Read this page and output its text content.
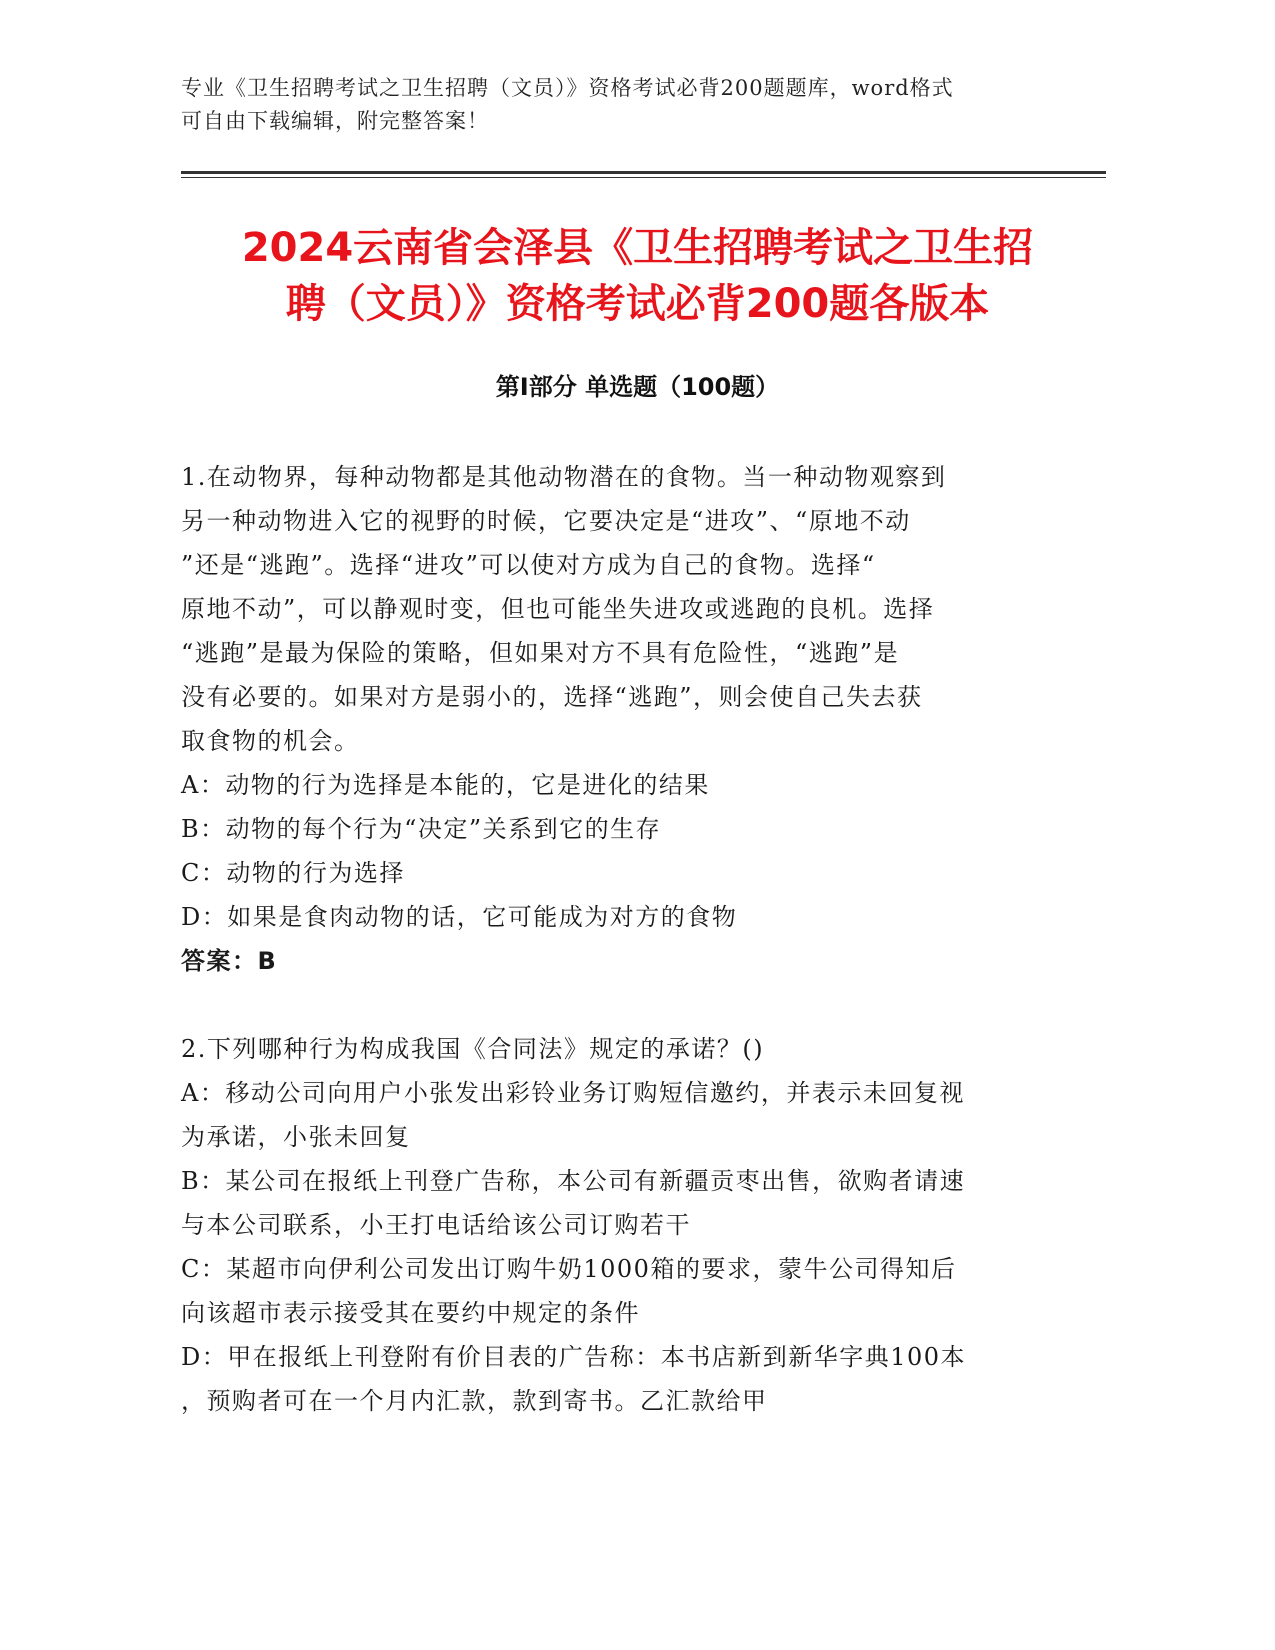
专业《卫生招聘考试之卫生招聘（文员）》资格考试必背200题题库，word格式
可自由下载编辑，附完整答案！
2024云南省会泽县《卫生招聘考试之卫生招
聘（文员）》资格考试必背200题各版本
第Ⅰ部分 单选题（100题）

1.在动物界，每种动物都是其他动物潜在的食物。当一种动物观察到

另一种动物进入它的视野的时候，它要决定是“进攻”、“原地不动

”还是“逃跑”。选择“进攻”可以使对方成为自己的食物。选择“

原地不动”，可以静观时变，但也可能坐失进攻或逃跑的良机。选择

“逃跑”是最为保险的策略，但如果对方不具有危险性，“逃跑”是

没有必要的。如果对方是弱小的，选择“逃跑”，则会使自己失去获

取食物的机会。

A：动物的行为选择是本能的，它是进化的结果

B：动物的每个行为“决定”关系到它的生存

C：动物的行为选择

D：如果是食肉动物的话，它可能成为对方的食物

答案：B

2.下列哪种行为构成我国《合同法》规定的承诺？()

A：移动公司向用户小张发出彩铃业务订购短信邀约，并表示未回复视

为承诺，小张未回复

B：某公司在报纸上刊登广告称，本公司有新疆贡枣出售，欲购者请速

与本公司联系，小王打电话给该公司订购若干

C：某超市向伊利公司发出订购牛奶1000箱的要求，蒙牛公司得知后

向该超市表示接受其在要约中规定的条件

D：甲在报纸上刊登附有价目表的广告称：本书店新到新华字典100本

，预购者可在一个月内汇款，款到寄书。乙汇款给甲
